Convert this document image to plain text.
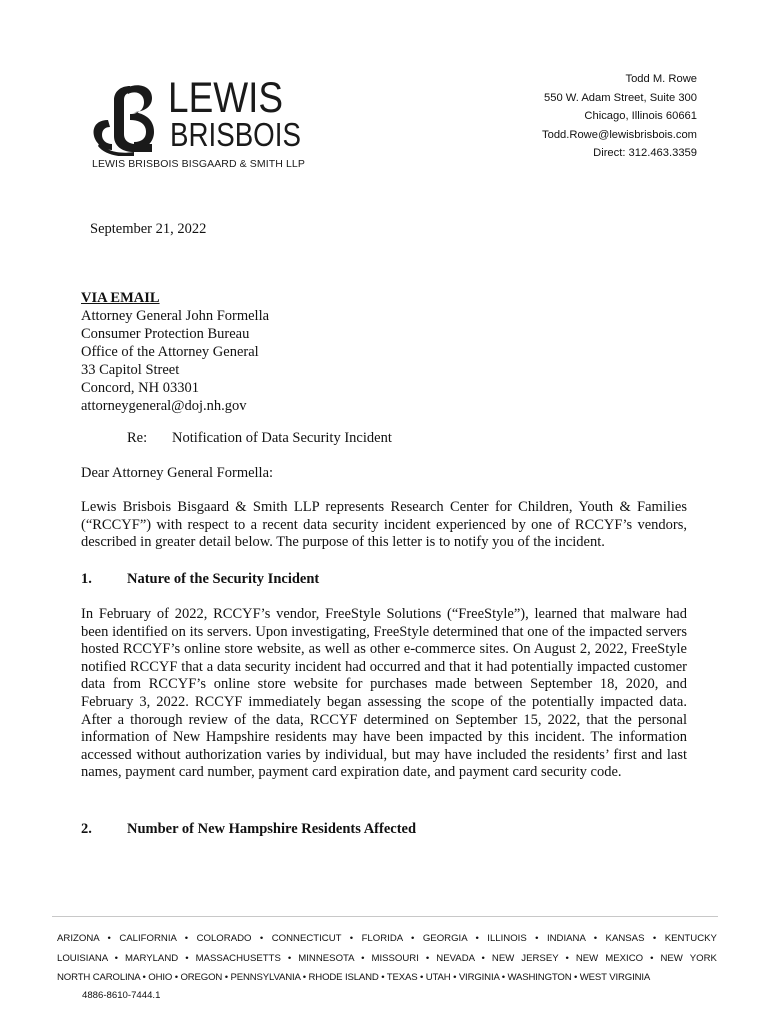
LEWIS
BRISBOIS
LEWIS BRISBOIS BISGAARD & SMITH LLP
Todd M. Rowe
550 W. Adam Street, Suite 300
Chicago, Illinois 60661
Todd.Rowe@lewisbrisbois.com
Direct: 312.463.3359
September 21, 2022
VIA EMAIL
Attorney General John Formella
Consumer Protection Bureau
Office of the Attorney General
33 Capitol Street
Concord, NH 03301
attorneygeneral@doj.nh.gov
Re: Notification of Data Security Incident
Dear Attorney General Formella:
Lewis Brisbois Bisgaard & Smith LLP represents Research Center for Children, Youth & Families (“RCCYF”) with respect to a recent data security incident experienced by one of RCCYF’s vendors, described in greater detail below. The purpose of this letter is to notify you of the incident.
1. Nature of the Security Incident
In February of 2022, RCCYF’s vendor, FreeStyle Solutions (“FreeStyle”), learned that malware had been identified on its servers. Upon investigating, FreeStyle determined that one of the impacted servers hosted RCCYF’s online store website, as well as other e-commerce sites. On August 2, 2022, FreeStyle notified RCCYF that a data security incident had occurred and that it had potentially impacted customer data from RCCYF’s online store website for purchases made between September 18, 2020, and February 3, 2022. RCCYF immediately began assessing the scope of the potentially impacted data. After a thorough review of the data, RCCYF determined on September 15, 2022, that the personal information of New Hampshire residents may have been impacted by this incident. The information accessed without authorization varies by individual, but may have included the residents’ first and last names, payment card number, payment card expiration date, and payment card security code.
2. Number of New Hampshire Residents Affected
ARIZONA • CALIFORNIA • COLORADO • CONNECTICUT • FLORIDA • GEORGIA • ILLINOIS • INDIANA • KANSAS • KENTUCKY
LOUISIANA • MARYLAND • MASSACHUSETTS • MINNESOTA • MISSOURI • NEVADA • NEW JERSEY • NEW MEXICO • NEW YORK
NORTH CAROLINA • OHIO • OREGON • PENNSYLVANIA • RHODE ISLAND • TEXAS • UTAH • VIRGINIA • WASHINGTON • WEST VIRGINIA
4886-8610-7444.1
